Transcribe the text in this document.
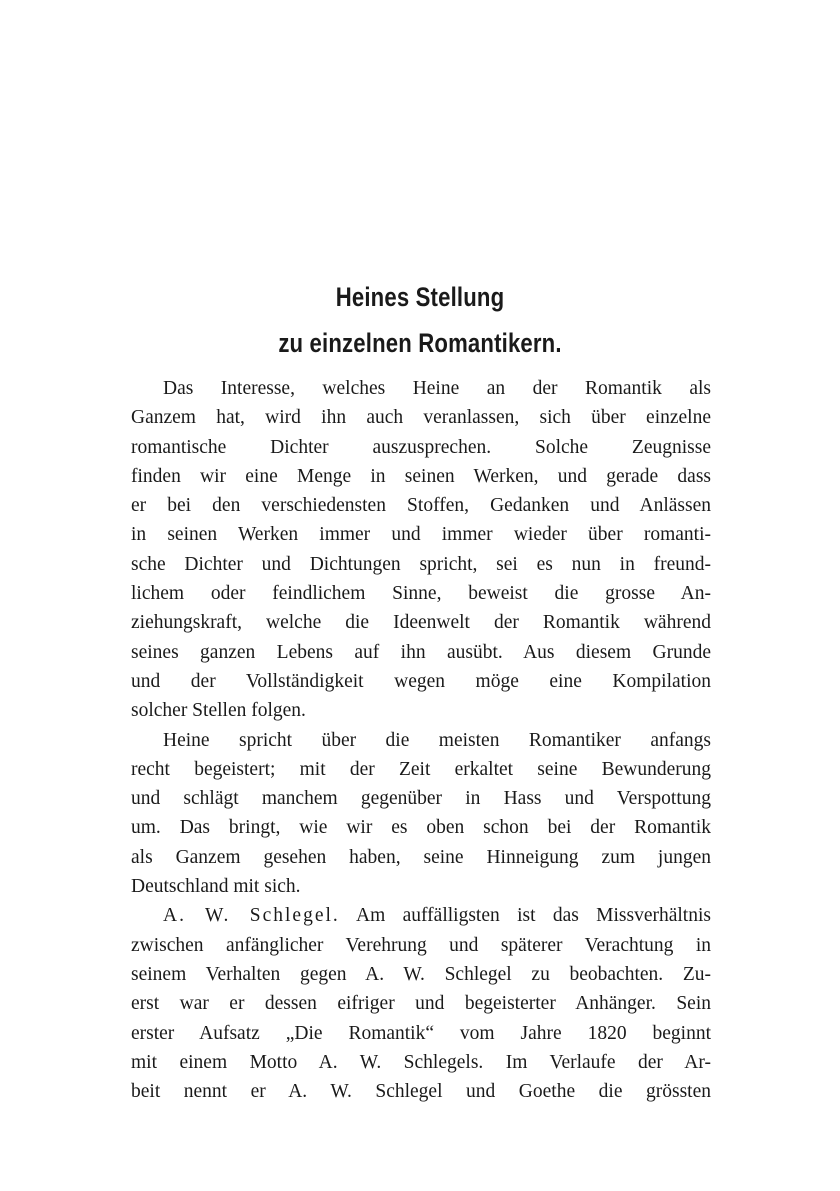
Heines Stellung
zu einzelnen Romantikern.
Das Interesse, welches Heine an der Romantik als
Ganzem hat, wird ihn auch veranlassen, sich über einzelne
romantische Dichter auszusprechen. Solche Zeugnisse
finden wir eine Menge in seinen Werken, und gerade dass
er bei den verschiedensten Stoffen, Gedanken und Anlässen
in seinen Werken immer und immer wieder über romanti-
sche Dichter und Dichtungen spricht, sei es nun in freund-
lichem oder feindlichem Sinne, beweist die grosse An-
ziehungskraft, welche die Ideenwelt der Romantik während
seines ganzen Lebens auf ihn ausübt. Aus diesem Grunde
und der Vollständigkeit wegen möge eine Kompilation
solcher Stellen folgen.
Heine spricht über die meisten Romantiker anfangs
recht begeistert; mit der Zeit erkaltet seine Bewunderung
und schlägt manchem gegenüber in Hass und Verspottung
um. Das bringt, wie wir es oben schon bei der Romantik
als Ganzem gesehen haben, seine Hinneigung zum jungen
Deutschland mit sich.
A. W. Schlegel. Am auffälligsten ist das Missverhältnis
zwischen anfänglicher Verehrung und späterer Verachtung in
seinem Verhalten gegen A. W. Schlegel zu beobachten. Zu-
erst war er dessen eifriger und begeisterter Anhänger. Sein
erster Aufsatz „Die Romantik“ vom Jahre 1820 beginnt
mit einem Motto A. W. Schlegels. Im Verlaufe der Ar-
beit nennt er A. W. Schlegel und Goethe die grössten
